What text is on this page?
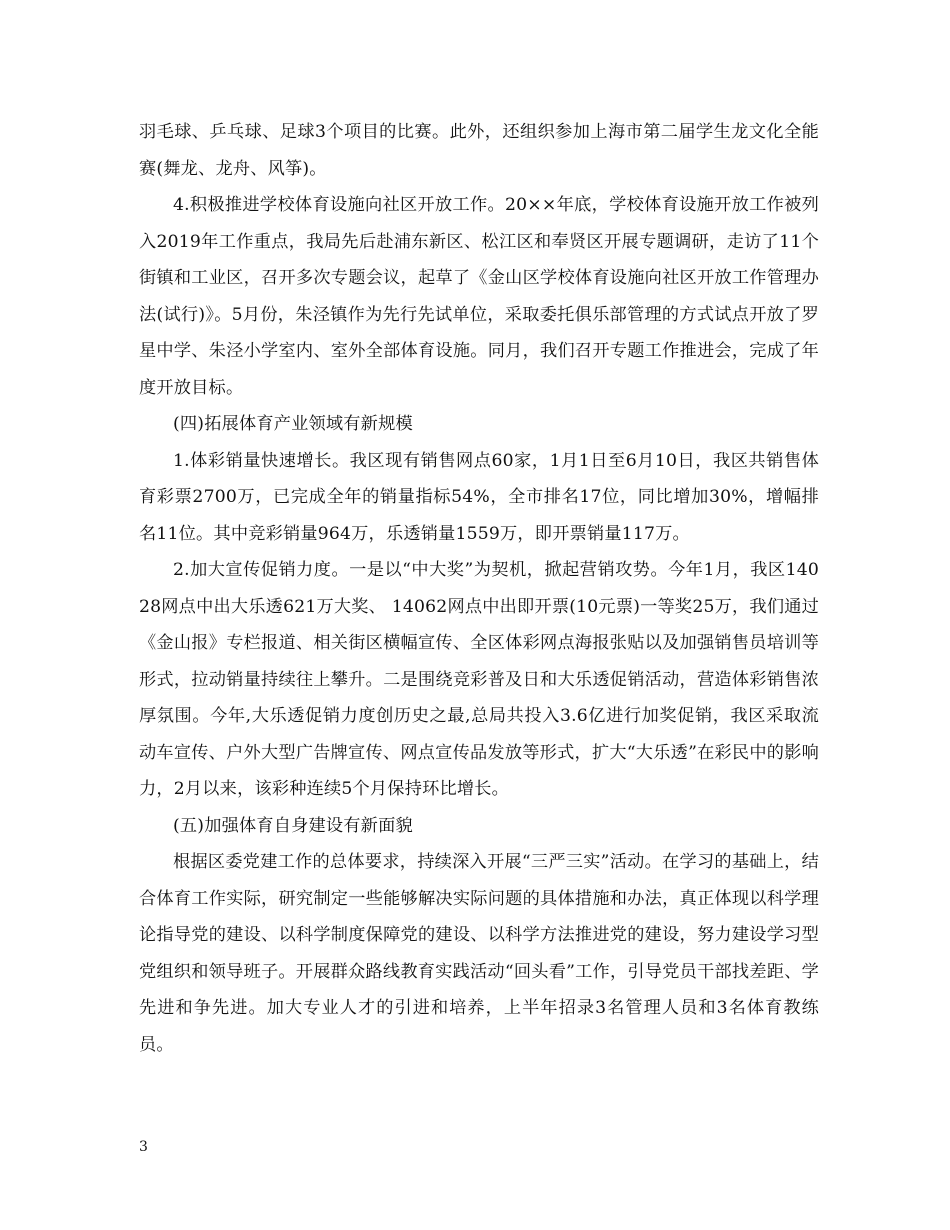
羽毛球、乒乓球、足球3个项目的比赛。此外，还组织参加上海市第二届学生龙文化全能赛(舞龙、龙舟、风筝)。

4.积极推进学校体育设施向社区开放工作。20××年底，学校体育设施开放工作被列入2019年工作重点，我局先后赴浦东新区、松江区和奉贤区开展专题调研，走访了11个街镇和工业区，召开多次专题会议，起草了《金山区学校体育设施向社区开放工作管理办法(试行)》。5月份，朱泾镇作为先行先试单位，采取委托俱乐部管理的方式试点开放了罗星中学、朱泾小学室内、室外全部体育设施。同月，我们召开专题工作推进会，完成了年度开放目标。

(四)拓展体育产业领域有新规模

1.体彩销量快速增长。我区现有销售网点60家，1月1日至6月10日，我区共销售体育彩票2700万，已完成全年的销量指标54%，全市排名17位，同比增加30%，增幅排名11位。其中竞彩销量964万，乐透销量1559万，即开票销量117万。

2.加大宣传促销力度。一是以“中大奖”为契机，掀起营销攻势。今年1月，我区14028网点中出大乐透621万大奖、 14062网点中出即开票(10元票)一等奖25万，我们通过《金山报》专栏报道、相关街区横幅宣传、全区体彩网点海报张贴以及加强销售员培训等形式，拉动销量持续往上攀升。二是围绕竞彩普及日和大乐透促销活动，营造体彩销售浓厚氛围。今年,大乐透促销力度创历史之最,总局共投入3.6亿进行加奖促销，我区采取流动车宣传、户外大型广告牌宣传、网点宣传品发放等形式，扩大“大乐透”在彩民中的影响力，2月以来，该彩种连续5个月保持环比增长。

(五)加强体育自身建设有新面貌

根据区委党建工作的总体要求，持续深入开展“三严三实”活动。在学习的基础上，结合体育工作实际，研究制定一些能够解决实际问题的具体措施和办法，真正体现以科学理论指导党的建设、以科学制度保障党的建设、以科学方法推进党的建设，努力建设学习型党组织和领导班子。开展群众路线教育实践活动“回头看”工作，引导党员干部找差距、学先进和争先进。加大专业人才的引进和培养，上半年招录3名管理人员和3名体育教练员。

3
